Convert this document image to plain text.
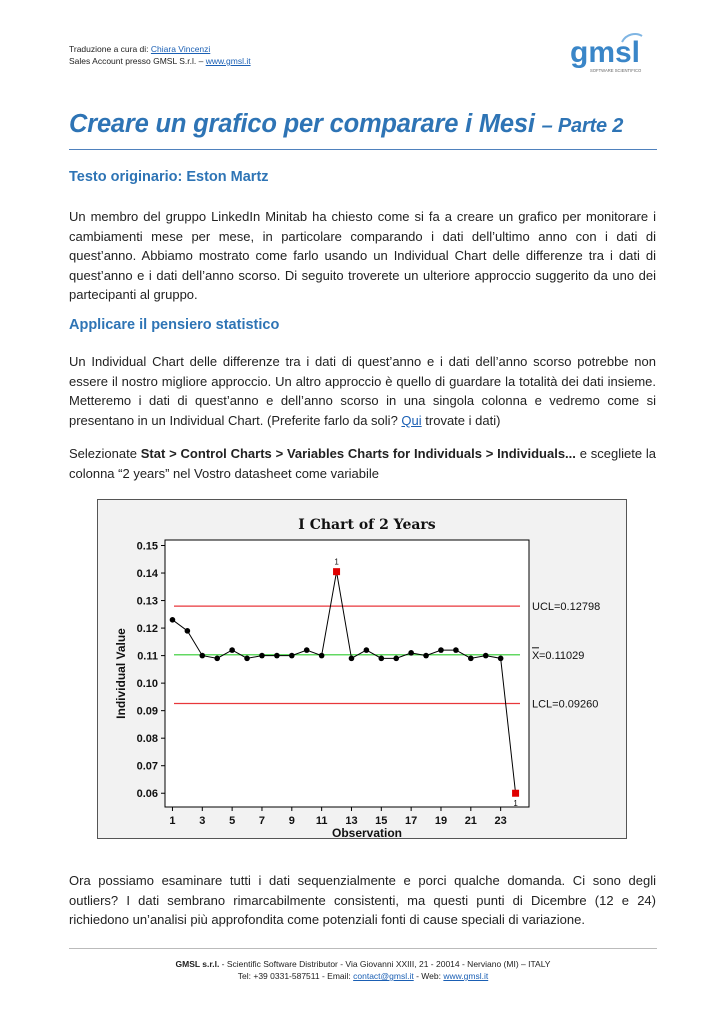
Traduzione a cura di: Chiara Vincenzi
Sales Account presso GMSL S.r.l. – www.gmsl.it	gmsl
SOFTWARE SCIENTIFICO
Creare un grafico per comparare i Mesi – Parte 2
Testo originario: Eston Martz
Un membro del gruppo LinkedIn Minitab ha chiesto come si fa a creare un grafico per monitorare i cambiamenti mese per mese, in particolare comparando i dati dell’ultimo anno con i dati di quest’anno. Abbiamo mostrato come farlo usando un Individual Chart delle differenze tra i dati di quest’anno e i dati dell’anno scorso. Di seguito troverete un ulteriore approccio suggerito da uno dei partecipanti al gruppo.
Applicare il pensiero statistico
Un Individual Chart delle differenze tra i dati di quest’anno e i dati dell’anno scorso potrebbe non essere il nostro migliore approccio. Un altro approccio è quello di guardare la totalità dei dati insieme. Metteremo i dati di quest’anno e dell’anno scorso in una singola colonna e vedremo come si presentano in un Individual Chart. (Preferite farlo da soli? Qui trovate i dati)
Selezionate Stat > Control Charts > Variables Charts for Individuals > Individuals... e scegliete la colonna “2 years” nel Vostro datasheet come variabile
I Chart of 2 Years
0.06
0.07
0.08
0.09
0.10
0.11
0.12
0.13
0.14
0.15
1 3 5 7 9 11 13 15 17 19 21 23
Observation
Individual Value
UCL=0.12798
LCL=0.09260
X =0.11029
1
1
Ora possiamo esaminare tutti i dati sequenzialmente e porci qualche domanda. Ci sono degli outliers? I dati sembrano rimarcabilmente consistenti, ma questi punti di Dicembre (12 e 24) richiedono un’analisi più approfondita come potenziali fonti di cause speciali di variazione.
GMSL s.r.l. - Scientific Software Distributor - Via Giovanni XXIII, 21 - 20014 - Nerviano (MI) – ITALY
Tel: +39 0331-587511 - Email: contact@gmsl.it - Web: www.gmsl.it
